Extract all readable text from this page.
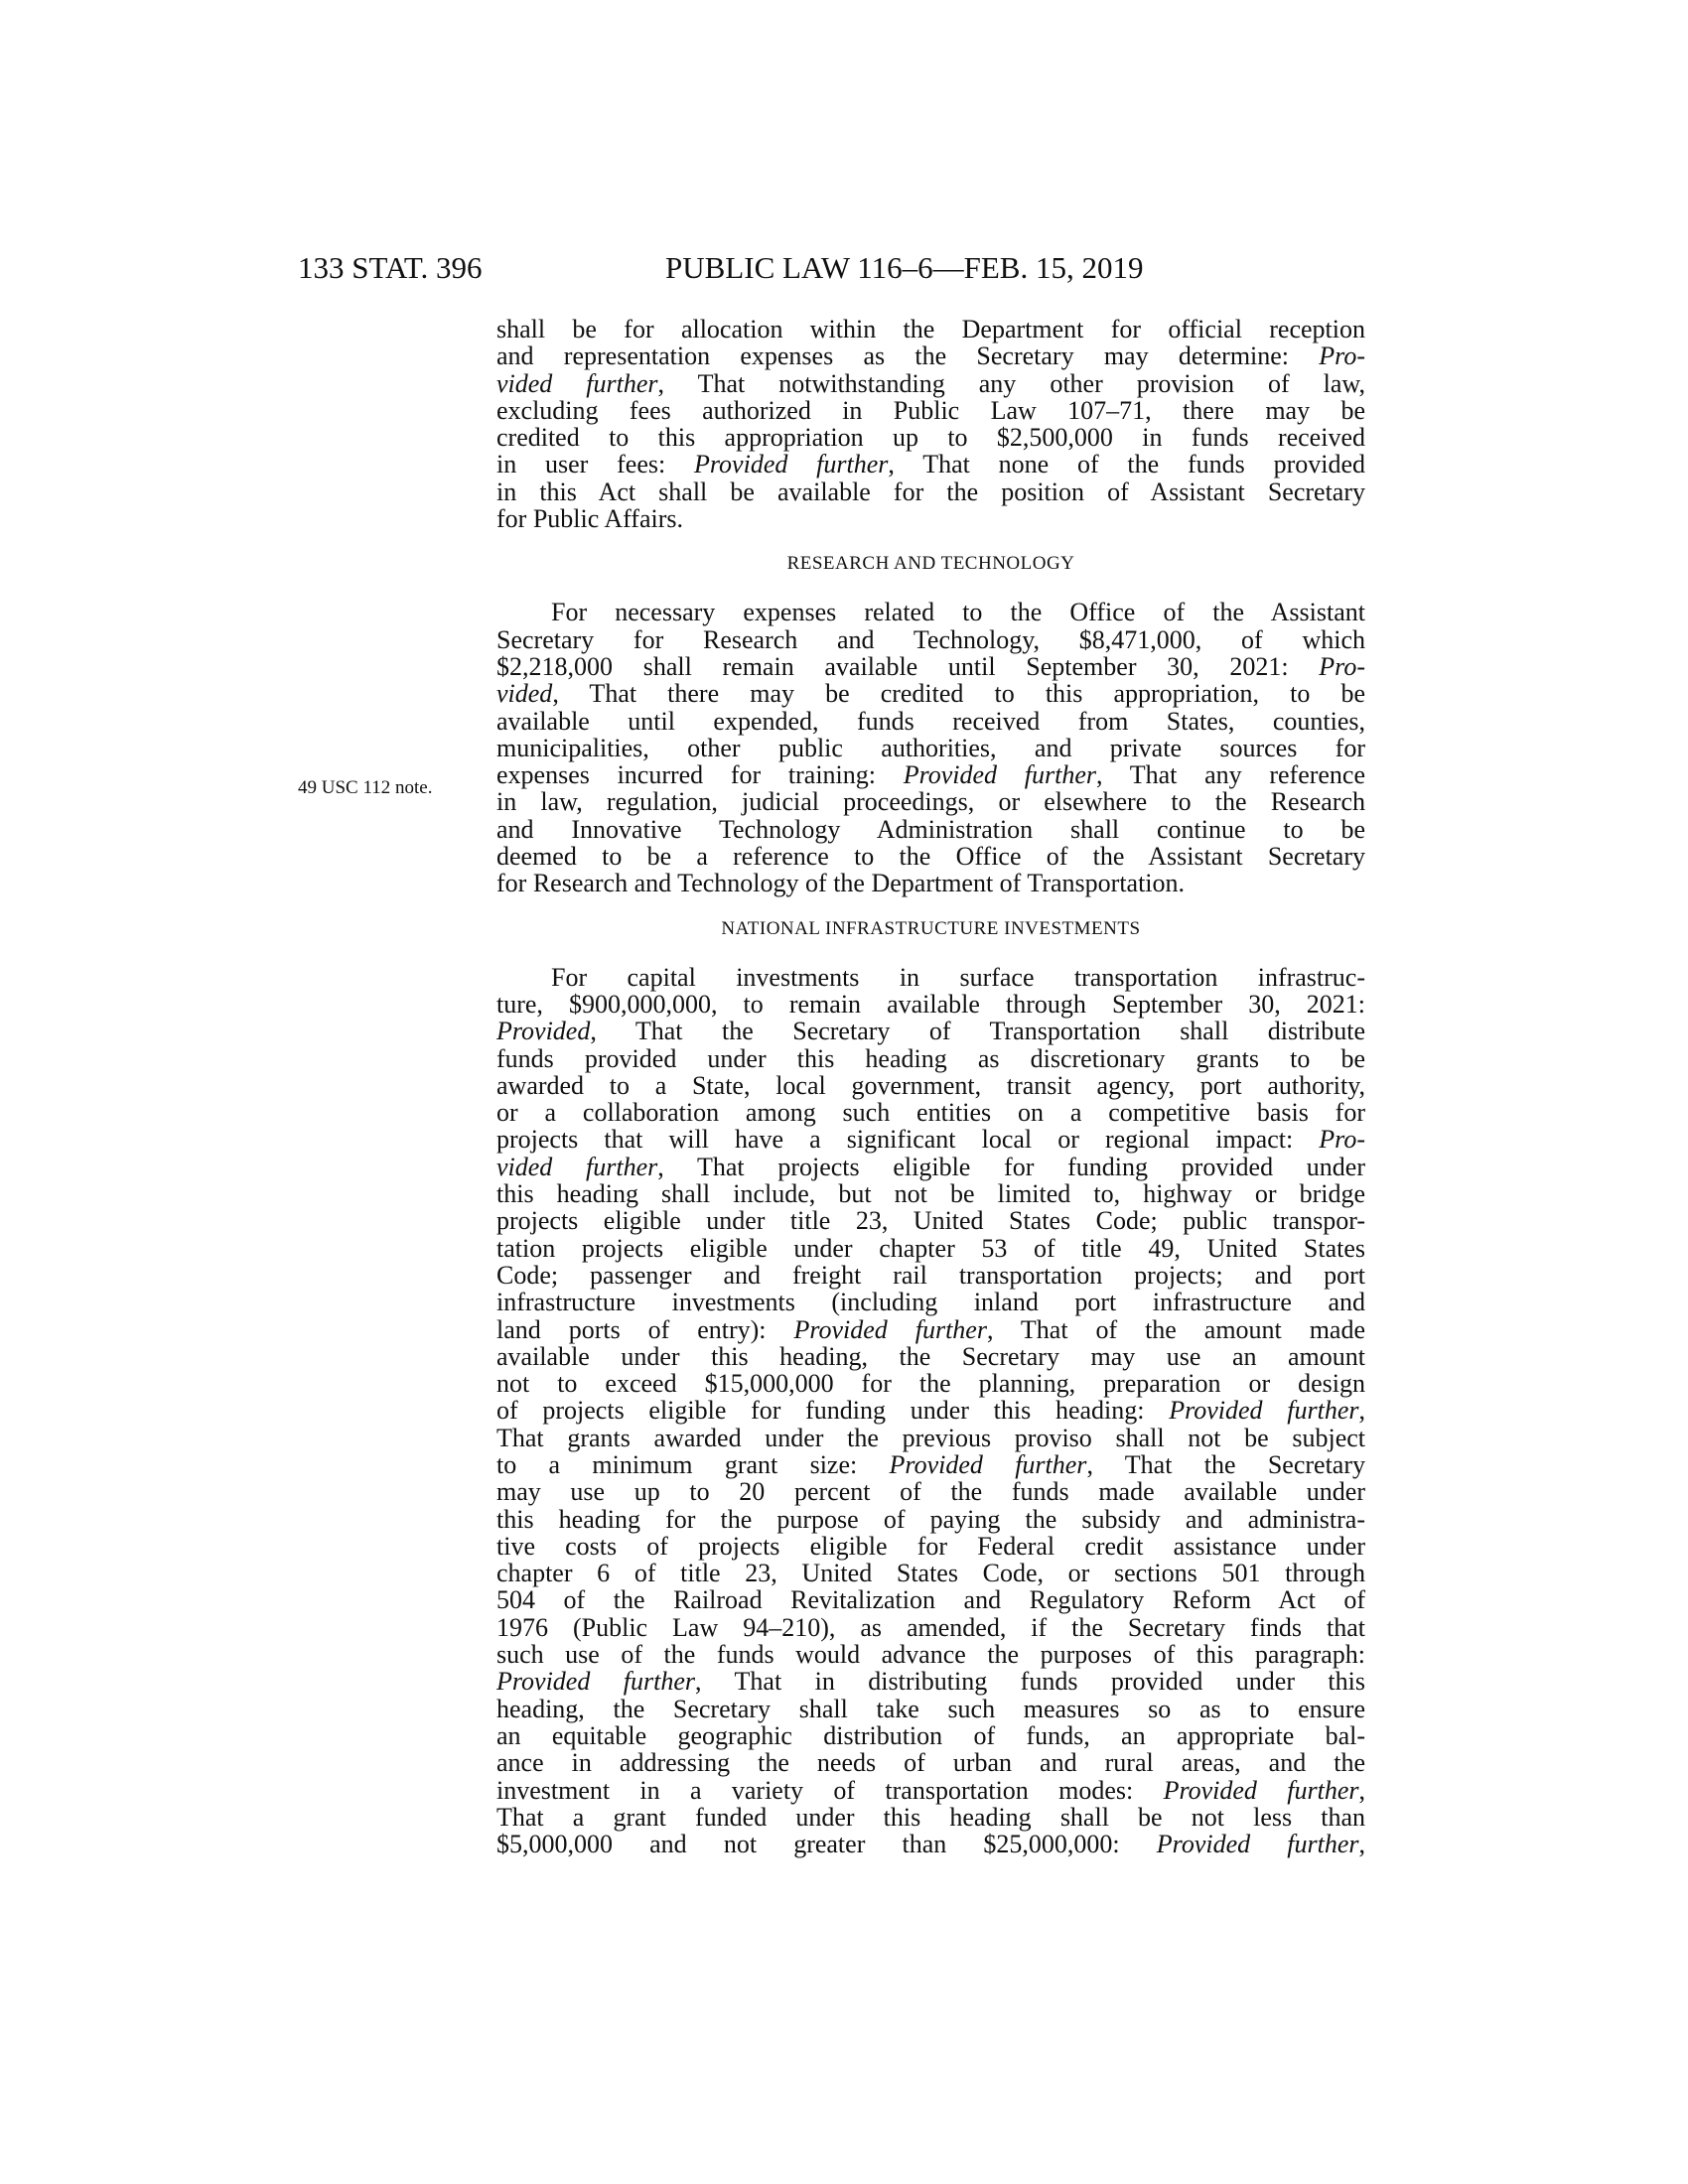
133 STAT. 396	PUBLIC LAW 116–6—FEB. 15, 2019
49 USC 112 note.
shall be for allocation within the Department for official reception
and representation expenses as the Secretary may determine: Pro-
vided further, That notwithstanding any other provision of law,
excluding fees authorized in Public Law 107–71, there may be
credited to this appropriation up to $2,500,000 in funds received
in user fees: Provided further, That none of the funds provided
in this Act shall be available for the position of Assistant Secretary
for Public Affairs.
RESEARCH AND TECHNOLOGY
For necessary expenses related to the Office of the Assistant
Secretary for Research and Technology, $8,471,000, of which
$2,218,000 shall remain available until September 30, 2021: Pro-
vided, That there may be credited to this appropriation, to be
available until expended, funds received from States, counties,
municipalities, other public authorities, and private sources for
expenses incurred for training: Provided further, That any reference
in law, regulation, judicial proceedings, or elsewhere to the Research
and Innovative Technology Administration shall continue to be
deemed to be a reference to the Office of the Assistant Secretary
for Research and Technology of the Department of Transportation.
NATIONAL INFRASTRUCTURE INVESTMENTS
For capital investments in surface transportation infrastruc-
ture, $900,000,000, to remain available through September 30, 2021:
Provided, That the Secretary of Transportation shall distribute
funds provided under this heading as discretionary grants to be
awarded to a State, local government, transit agency, port authority,
or a collaboration among such entities on a competitive basis for
projects that will have a significant local or regional impact: Pro-
vided further, That projects eligible for funding provided under
this heading shall include, but not be limited to, highway or bridge
projects eligible under title 23, United States Code; public transpor-
tation projects eligible under chapter 53 of title 49, United States
Code; passenger and freight rail transportation projects; and port
infrastructure investments (including inland port infrastructure and
land ports of entry): Provided further, That of the amount made
available under this heading, the Secretary may use an amount
not to exceed $15,000,000 for the planning, preparation or design
of projects eligible for funding under this heading: Provided further,
That grants awarded under the previous proviso shall not be subject
to a minimum grant size: Provided further, That the Secretary
may use up to 20 percent of the funds made available under
this heading for the purpose of paying the subsidy and administra-
tive costs of projects eligible for Federal credit assistance under
chapter 6 of title 23, United States Code, or sections 501 through
504 of the Railroad Revitalization and Regulatory Reform Act of
1976 (Public Law 94–210), as amended, if the Secretary finds that
such use of the funds would advance the purposes of this paragraph:
Provided further, That in distributing funds provided under this
heading, the Secretary shall take such measures so as to ensure
an equitable geographic distribution of funds, an appropriate bal-
ance in addressing the needs of urban and rural areas, and the
investment in a variety of transportation modes: Provided further,
That a grant funded under this heading shall be not less than
$5,000,000 and not greater than $25,000,000: Provided further,
